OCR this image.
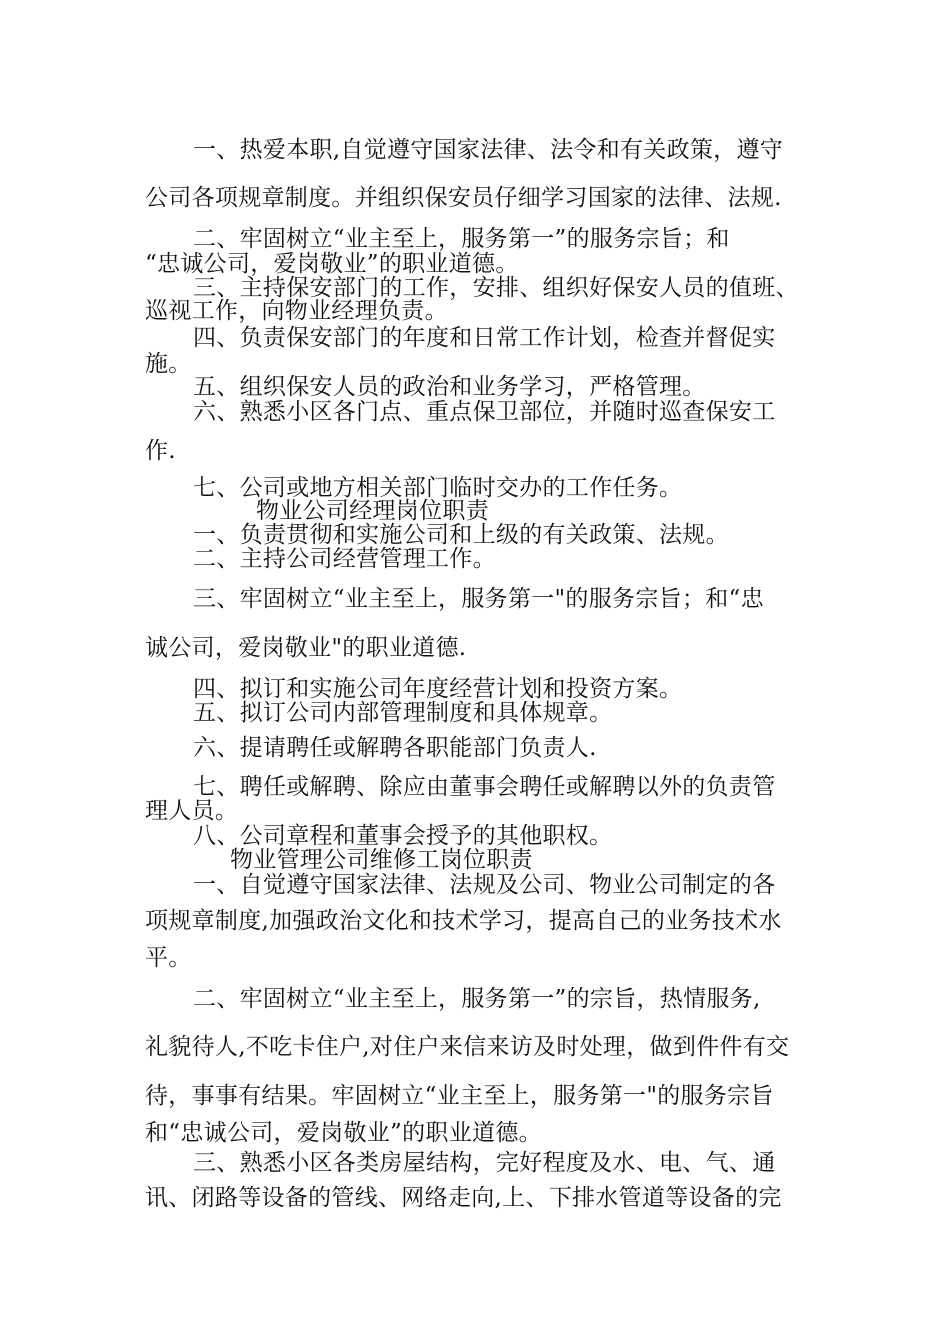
一、热爱本职,自觉遵守国家法律、法令和有关政策，遵守
公司各项规章制度。并组织保安员仔细学习国家的法律、法规.
二、牢固树立“业主至上，服务第一”的服务宗旨；和
“忠诚公司，爱岗敬业”的职业道德。
三、主持保安部门的工作，安排、组织好保安人员的值班、
巡视工作，向物业经理负责。
四、负责保安部门的年度和日常工作计划，检查并督促实
施。
五、组织保安人员的政治和业务学习，严格管理。
六、熟悉小区各门点、重点保卫部位，并随时巡查保安工
作.
七、公司或地方相关部门临时交办的工作任务。
物业公司经理岗位职责
一、负责贯彻和实施公司和上级的有关政策、法规。
二、主持公司经营管理工作。
三、牢固树立“业主至上，服务第一"的服务宗旨；和“忠
诚公司，爱岗敬业"的职业道德.
四、拟订和实施公司年度经营计划和投资方案。
五、拟订公司内部管理制度和具体规章。
六、提请聘任或解聘各职能部门负责人.
七、聘任或解聘、除应由董事会聘任或解聘以外的负责管
理人员。
八、公司章程和董事会授予的其他职权。
物业管理公司维修工岗位职责
一、自觉遵守国家法律、法规及公司、物业公司制定的各
项规章制度,加强政治文化和技术学习，提高自己的业务技术水
平。
二、牢固树立“业主至上，服务第一”的宗旨，热情服务,
礼貌待人,不吃卡住户,对住户来信来访及时处理，做到件件有交
待，事事有结果。牢固树立“业主至上，服务第一"的服务宗旨
和“忠诚公司，爱岗敬业”的职业道德。
三、熟悉小区各类房屋结构，完好程度及水、电、气、通
讯、闭路等设备的管线、网络走向,上、下排水管道等设备的完
